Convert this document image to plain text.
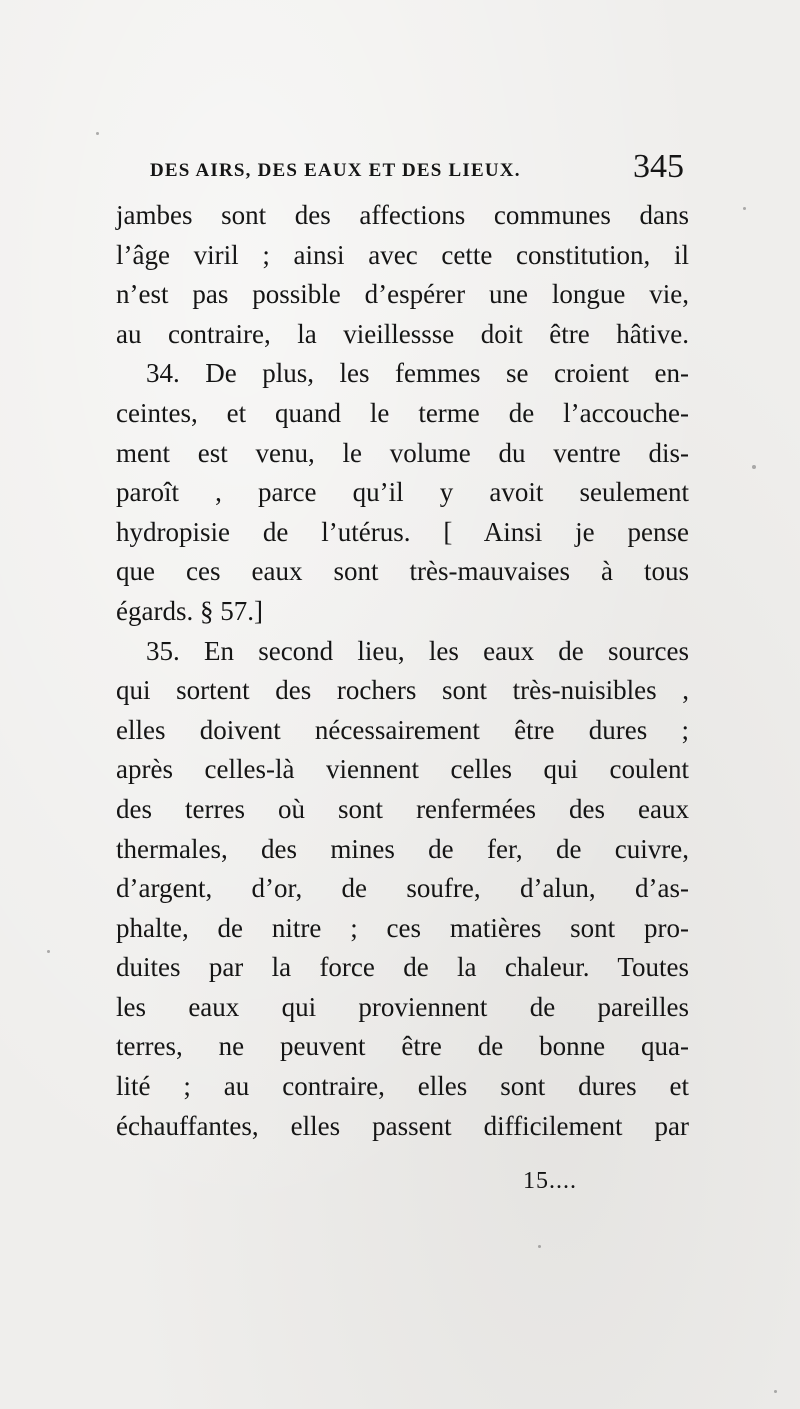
DES AIRS, DES EAUX ET DES LIEUX.	345
jambes sont des affections communes dans
l’âge viril ; ainsi avec cette constitution, il
n’est pas possible d’espérer une longue vie,
au contraire, la vieillessse doit être hâtive.
34. De plus, les femmes se croient en-
ceintes, et quand le terme de l’accouche-
ment est venu, le volume du ventre dis-
paroît , parce qu’il y avoit seulement
hydropisie de l’utérus. [ Ainsi je pense
que ces eaux sont très-mauvaises à tous
égards. § 57.]
35. En second lieu, les eaux de sources
qui sortent des rochers sont très-nuisibles ,
elles doivent nécessairement être dures ;
après celles-là viennent celles qui coulent
des terres où sont renfermées des eaux
thermales, des mines de fer, de cuivre,
d’argent, d’or, de soufre, d’alun, d’as-
phalte, de nitre ; ces matières sont pro-
duites par la force de la chaleur. Toutes
les eaux qui proviennent de pareilles
terres, ne peuvent être de bonne qua-
lité ; au contraire, elles sont dures et
échauffantes, elles passent difficilement par
15....
